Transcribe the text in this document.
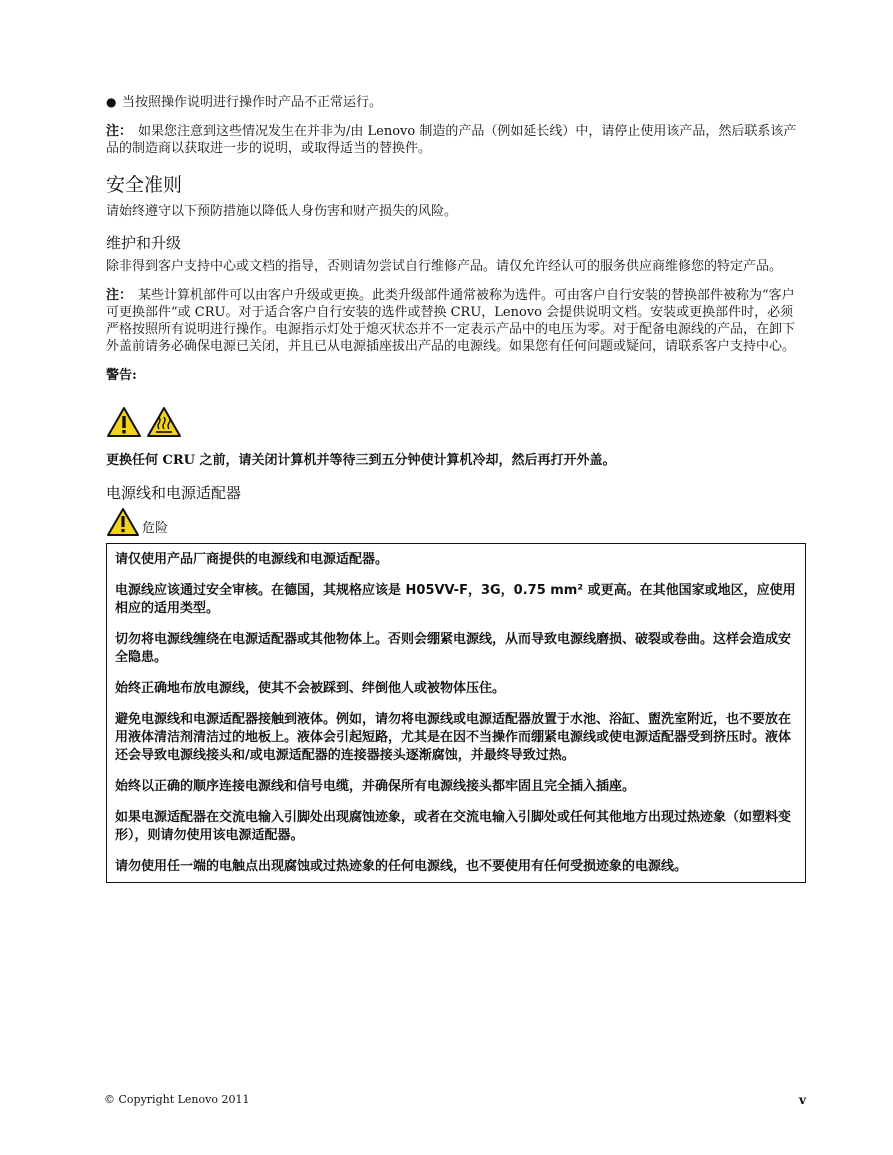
● 当按照操作说明进行操作时产品不正常运行。

注： 如果您注意到这些情况发生在并非为/由 Lenovo 制造的产品（例如延长线）中，请停止使用该产品，然后联系该产品的制造商以获取进一步的说明，或取得适当的替换件。

安全准则

请始终遵守以下预防措施以降低人身伤害和财产损失的风险。

维护和升级

除非得到客户支持中心或文档的指导，否则请勿尝试自行维修产品。请仅允许经认可的服务供应商维修您的特定产品。

注： 某些计算机部件可以由客户升级或更换。此类升级部件通常被称为选件。可由客户自行安装的替换部件被称为“客户可更换部件”或 CRU。对于适合客户自行安装的选件或替换 CRU，Lenovo 会提供说明文档。安装或更换部件时，必须严格按照所有说明进行操作。电源指示灯处于熄灭状态并不一定表示产品中的电压为零。对于配备电源线的产品，在卸下外盖前请务必确保电源已关闭，并且已从电源插座拔出产品的电源线。如果您有任何问题或疑问，请联系客户支持中心。

警告:

更换任何 CRU 之前，请关闭计算机并等待三到五分钟使计算机冷却，然后再打开外盖。

电源线和电源适配器
危险

请仅使用产品厂商提供的电源线和电源适配器。

电源线应该通过安全审核。在德国，其规格应该是 H05VV-F，3G，0.75 mm² 或更高。在其他国家或地区，应使用相应的适用类型。

切勿将电源线缠绕在电源适配器或其他物体上。否则会绷紧电源线，从而导致电源线磨损、破裂或卷曲。这样会造成安全隐患。

始终正确地布放电源线，使其不会被踩到、绊倒他人或被物体压住。

避免电源线和电源适配器接触到液体。例如，请勿将电源线或电源适配器放置于水池、浴缸、盥洗室附近，也不要放在用液体清洁剂清洁过的地板上。液体会引起短路，尤其是在因不当操作而绷紧电源线或使电源适配器受到挤压时。液体还会导致电源线接头和/或电源适配器的连接器接头逐渐腐蚀，并最终导致过热。

始终以正确的顺序连接电源线和信号电缆，并确保所有电源线接头都牢固且完全插入插座。

如果电源适配器在交流电输入引脚处出现腐蚀迹象，或者在交流电输入引脚处或任何其他地方出现过热迹象（如塑料变形），则请勿使用该电源适配器。

请勿使用任一端的电触点出现腐蚀或过热迹象的任何电源线，也不要使用有任何受损迹象的电源线。

© Copyright Lenovo 2011	v
